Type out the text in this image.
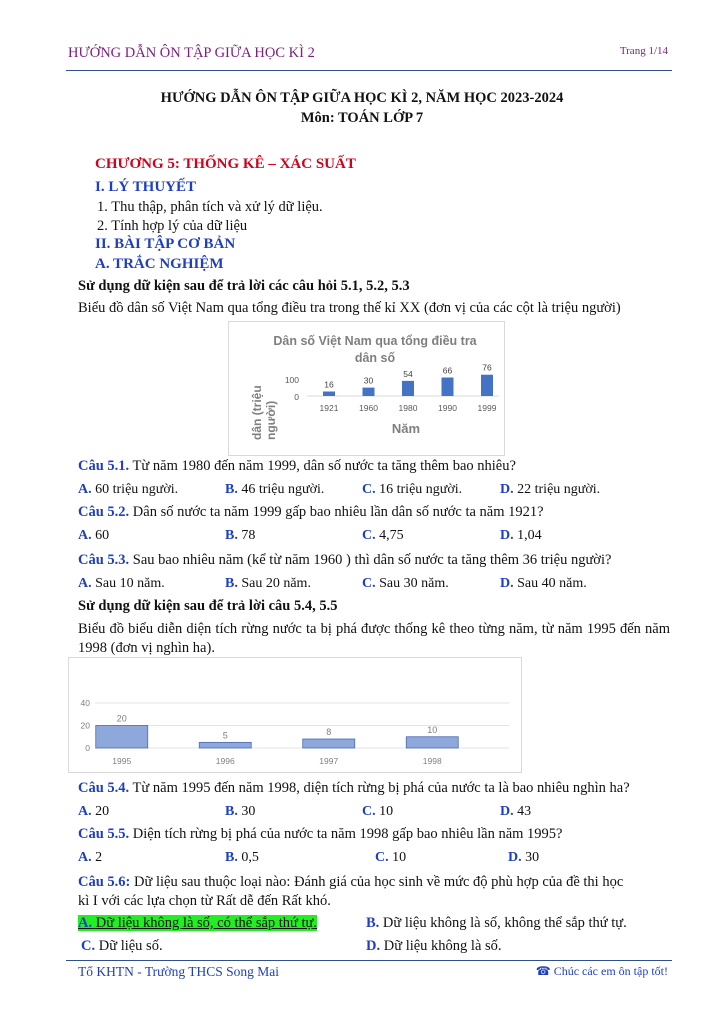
HƯỚNG DẪN ÔN TẬP GIỮA HỌC KÌ 2	Trang 1/14
HƯỚNG DẪN ÔN TẬP GIỮA HỌC KÌ 2, NĂM HỌC 2023-2024
Môn: TOÁN LỚP 7
CHƯƠNG 5: THỐNG KÊ – XÁC SUẤT
I. LÝ THUYẾT
1. Thu thập, phân tích và xử lý dữ liệu.
2. Tính hợp lý của dữ liệu
II. BÀI TẬP CƠ BẢN
A. TRẮC NGHIỆM
Sử dụng dữ kiện sau để trả lời các câu hỏi 5.1, 5.2, 5.3
Biểu đồ dân số Việt Nam qua tổng điều tra trong thế kỉ XX (đơn vị của các cột là triệu người)
Dân số Việt Nam qua tổng điều tra
dân số
100
0
16
1921
30
1960
54
1980
66
1990
76
1999
Năm
dân (triệu người)
Câu 5.1. Từ năm 1980 đến năm 1999, dân số nước ta tăng thêm bao nhiêu?
A. 60 triệu người.	B. 46 triệu người.	C. 16 triệu người.	D. 22 triệu người.
Câu 5.2. Dân số nước ta năm 1999 gấp bao nhiêu lần dân số nước ta năm 1921?
A. 60	B. 78	C. 4,75	D. 1,04
Câu 5.3. Sau bao nhiêu năm (kể từ năm 1960 ) thì dân số nước ta tăng thêm 36 triệu người?
A. Sau 10 năm.	B. Sau 20 năm.	C. Sau 30 năm.	D. Sau 40 năm.
Sử dụng dữ kiện sau để trả lời câu 5.4, 5.5
Biểu đồ biểu diễn diện tích rừng nước ta bị phá được thống kê theo từng năm, từ năm 1995 đến năm 1998 (đơn vị nghìn ha).
40
20
0
20
1995
5
1996
8
1997
10
1998
Câu 5.4. Từ năm 1995 đến năm 1998, diện tích rừng bị phá của nước ta là bao nhiêu nghìn ha?
A. 20	B. 30	C. 10	D. 43
Câu 5.5. Diện tích rừng bị phá của nước ta năm 1998 gấp bao nhiêu lần năm 1995?
A. 2	B. 0,5	C. 10	D. 30
Câu 5.6: Dữ liệu sau thuộc loại nào: Đánh giá của học sinh về mức độ phù hợp của đề thi học
kì I với các lựa chọn từ Rất dễ đến Rất khó.
A. Dữ liệu không là số, có thể sắp thứ tự.	B. Dữ liệu không là số, không thể sắp thứ tự.
C. Dữ liệu số.	D. Dữ liệu không là số.
Tổ KHTN - Trường THCS Song Mai	☎ Chúc các em ôn tập tốt!
